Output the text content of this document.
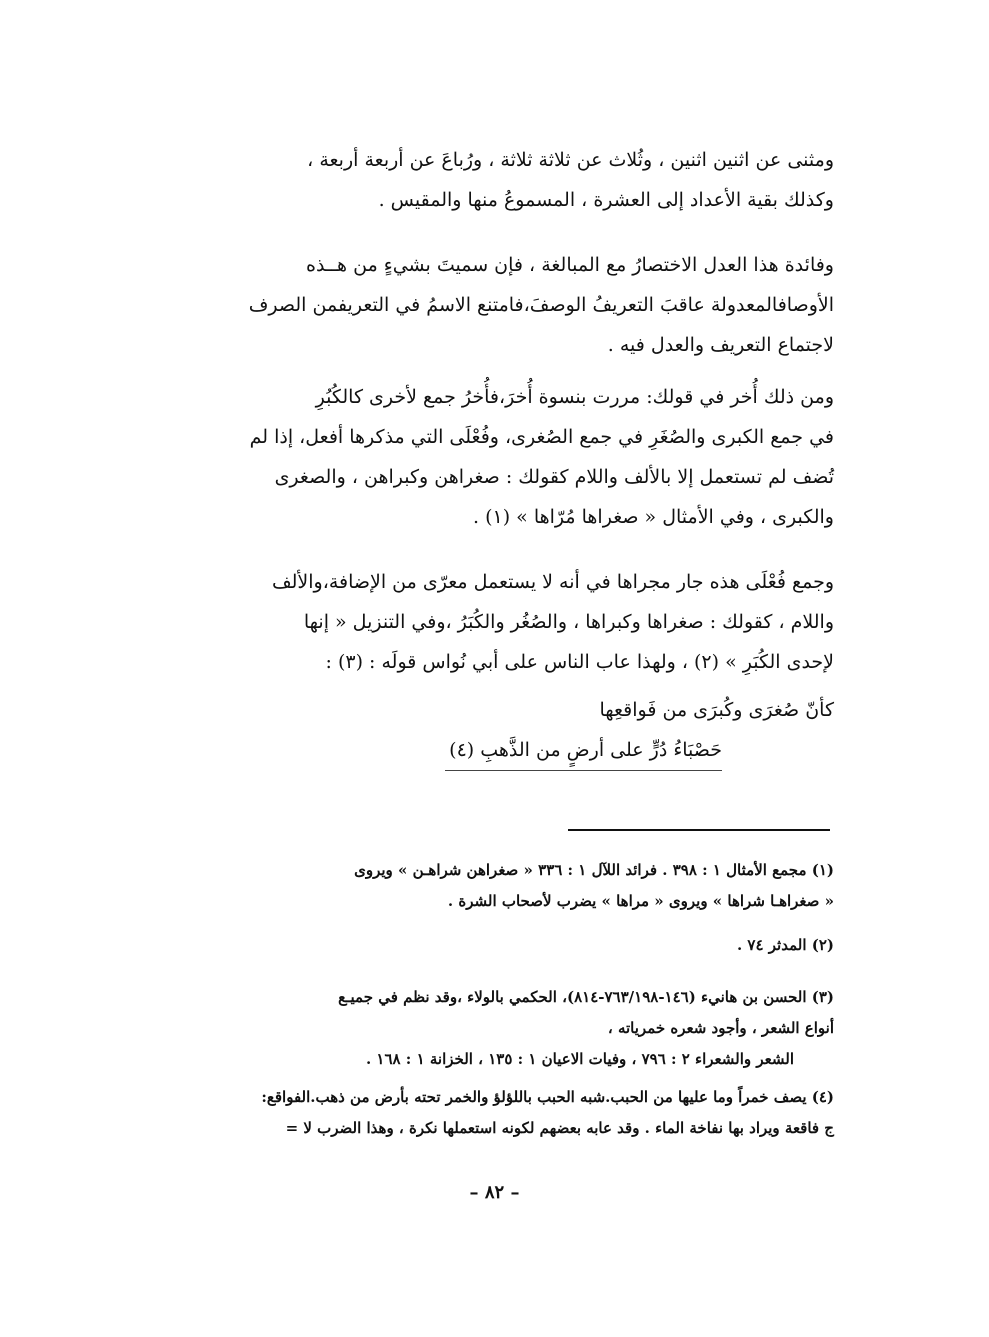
ومثنى عن اثنين اثنين ، وثُلاث عن ثلاثة ثلاثة ، ورُباعَ عن أربعة أربعة ،

وكذلك بقية الأعداد إلى العشرة ، المسموعُ منها والمقيس .

وفائدة هذا العدل الاختصارُ مع المبالغة ، فإن سميتَ بشيءٍ من هــذه

الأوصافالمعدولة عاقبَ التعريفُ الوصفَ،فامتنع الاسمُ في التعريفمن الصرف

لاجتماع التعريف والعدل فيه .

ومن ذلك أُخر في قولك: مررت بنسوة أُخرَ،فأُخرُ جمع لأخرى كالكُبُرِ

في جمع الكبرى والصُغَرِ في جمع الصُغرى، وفُعْلَى التي مذكرها أفعل، إذا لم

تُضف لم تستعمل إلا بالألف واللام كقولك : صغراهن وكبراهن ، والصغرى

والكبرى ، وفي الأمثال « صغراها مُرّاها » (١) .

وجمع فُعْلَى هذه جار مجراها في أنه لا يستعمل معرّى من الإضافة،والألف

واللام ، كقولك : صغراها وكبراها ، والصُغُر والكُبَرُ ،وفي التنزيل « إنها

لإحدى الكُبَرِ » (٢) ، ولهذا عاب الناس على أبي نُواس قولَه : (٣) :

كأنّ صُغرَى وكُبرَى من فَواقعِها
حَصْبَاءُ دُرٍّ على أرضٍ من الذَّهبِ (٤)

(١) مجمع الأمثال ١ : ٣٩٨ . فرائد اللآل ١ : ٣٣٦ « صغراهن شراهـن » ويروى

« صغراهـا شراها » ويروى « مراها » يضرب لأصحاب الشرة .

(٢) المدثر ٧٤ .

(٣) الحسن بن هانيء (١٤٦-٧٦٣/١٩٨-٨١٤)، الحكمي بالولاء ،وقد نظم في جميـع

أنواع الشعر ، وأجود شعره خمرياته ،

الشعر والشعراء ٢ : ٧٩٦ ، وفيات الاعيان ١ : ١٣٥ ، الخزانة ١ : ١٦٨ .

(٤) يصف خمراً وما عليها من الحبب.شبه الحبب باللؤلؤ والخمر تحته بأرض من ذهب.الفواقع:

ج فاقعة ويراد بها نفاخة الماء . وقد عابه بعضهم لكونه استعملها نكرة ، وهذا الضرب لا =

– ٨٢ –
